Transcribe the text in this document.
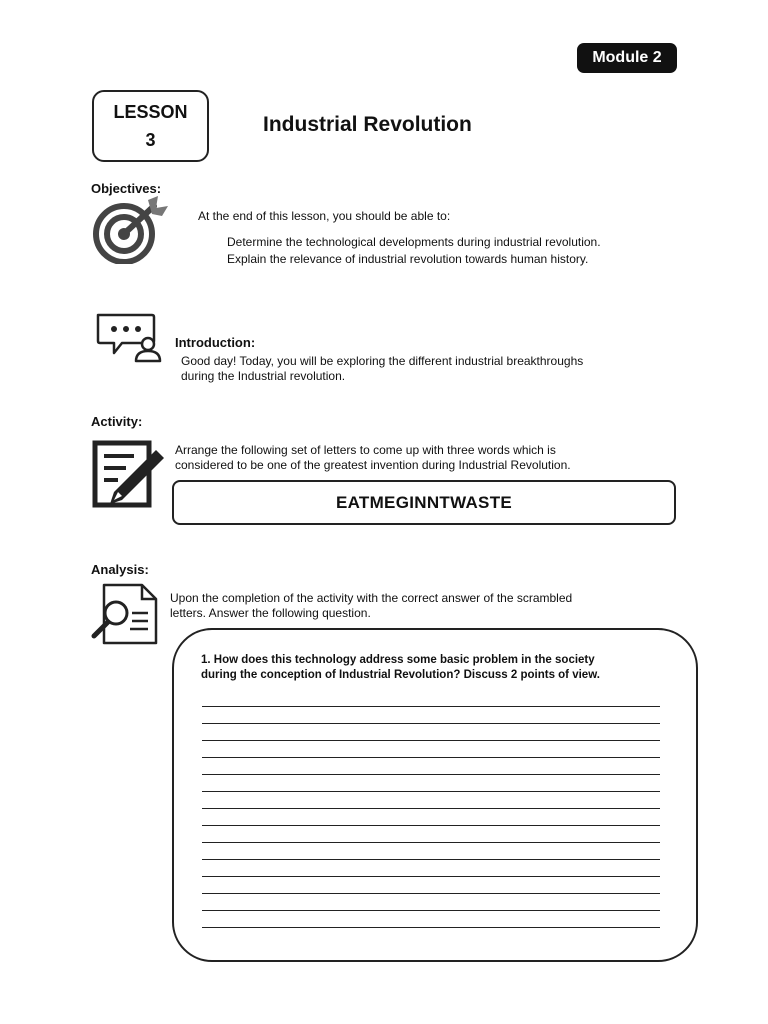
Module 2
LESSON
3
Industrial Revolution
Objectives:
At the end of this lesson, you should be able to:
Determine the technological developments during industrial revolution.
Explain the relevance of industrial revolution towards human history.
Introduction:
Good day! Today, you will be exploring the different industrial breakthroughs
during the Industrial revolution.
Activity:
Arrange the following set of letters to come up with three words which is
considered to be one of the greatest invention during Industrial Revolution.
EATMEGINNTWASTE
Analysis:
Upon the completion of the activity with the correct answer of the scrambled
letters. Answer the following question.
1. How does this technology address some basic problem in the society
during the conception of Industrial Revolution? Discuss 2 points of view.
